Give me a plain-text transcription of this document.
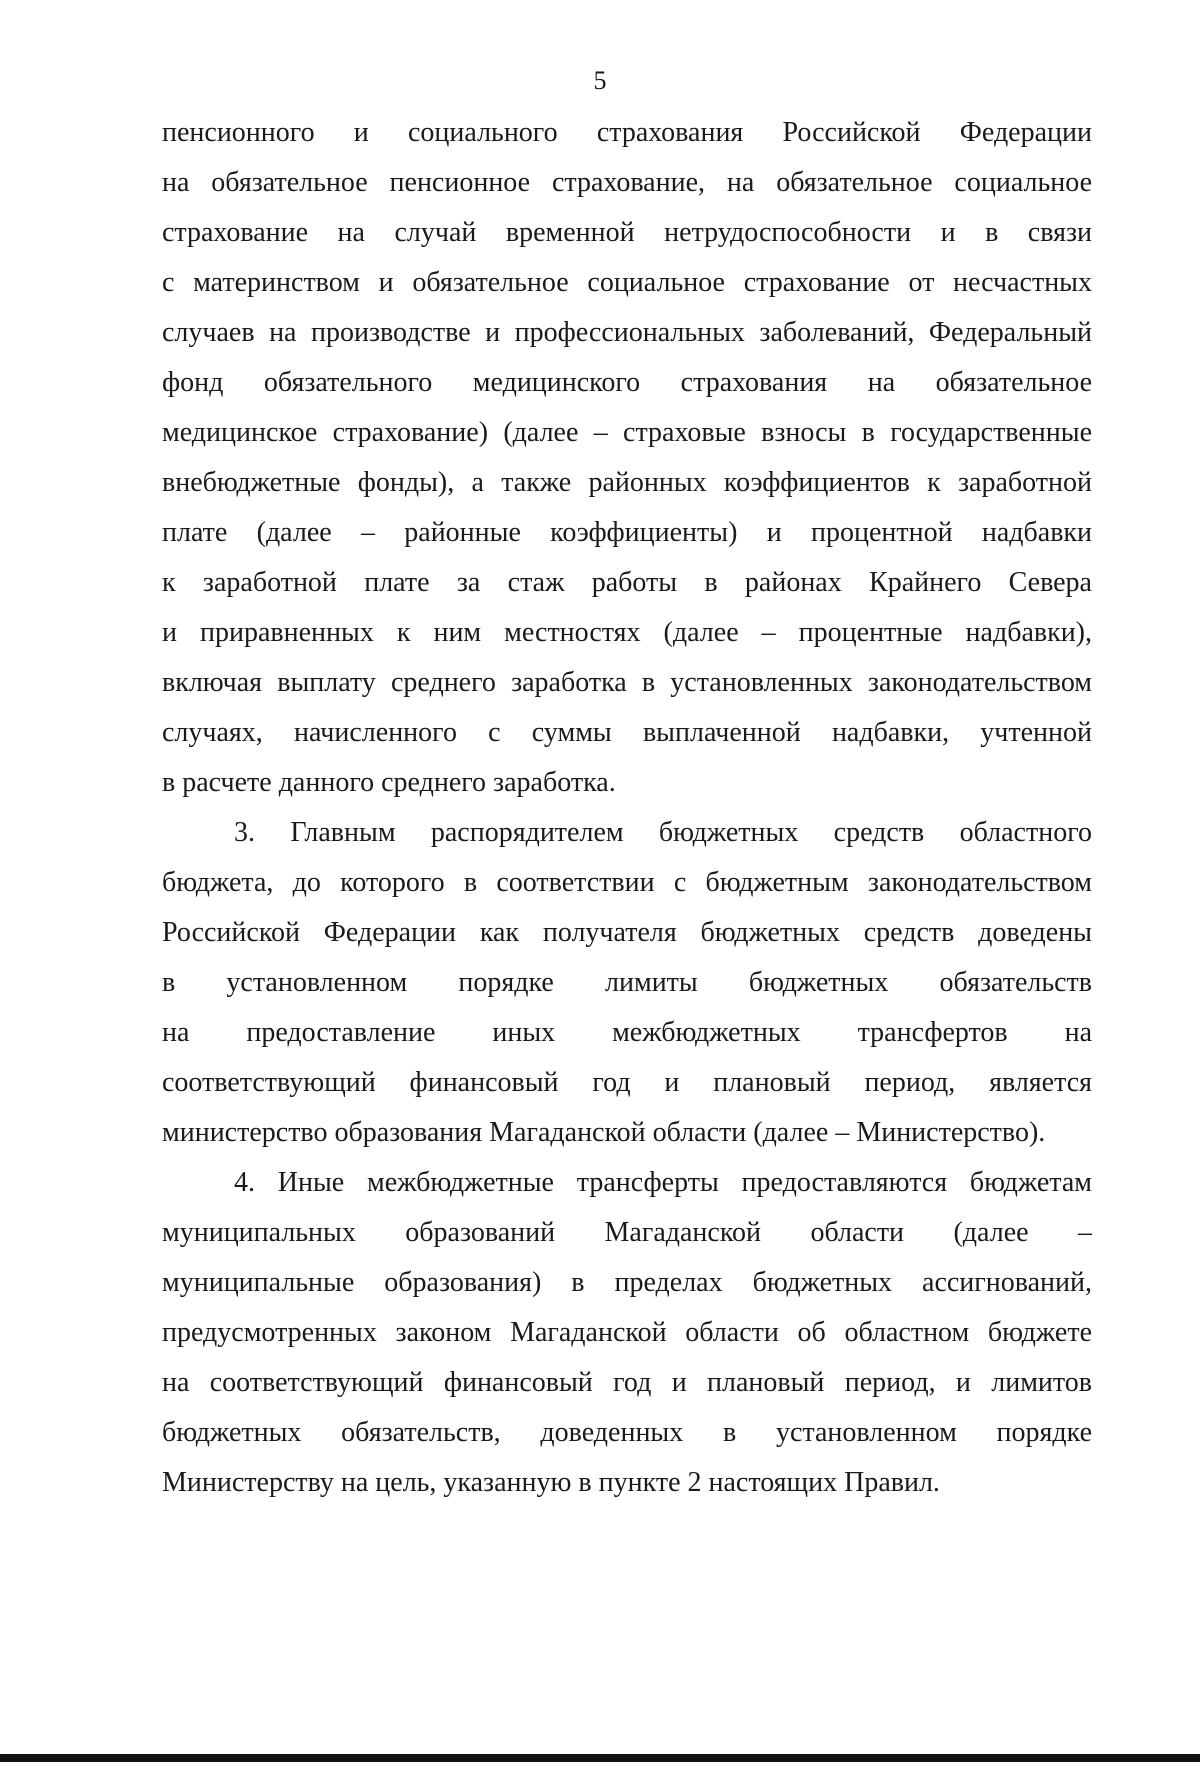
5

пенсионного и социального страхования Российской Федерации
на обязательное пенсионное страхование, на обязательное социальное
страхование на случай временной нетрудоспособности и в связи
с материнством и обязательное социальное страхование от несчастных
случаев на производстве и профессиональных заболеваний, Федеральный
фонд обязательного медицинского страхования на обязательное
медицинское страхование) (далее – страховые взносы в государственные
внебюджетные фонды), а также районных коэффициентов к заработной
плате (далее – районные коэффициенты) и процентной надбавки
к заработной плате за стаж работы в районах Крайнего Севера
и приравненных к ним местностях (далее – процентные надбавки),
включая выплату среднего заработка в установленных законодательством
случаях, начисленного с суммы выплаченной надбавки, учтенной
в расчете данного среднего заработка.

3. Главным распорядителем бюджетных средств областного
бюджета, до которого в соответствии с бюджетным законодательством
Российской Федерации как получателя бюджетных средств доведены
в установленном порядке лимиты бюджетных обязательств
на предоставление иных межбюджетных трансфертов на
соответствующий финансовый год и плановый период, является
министерство образования Магаданской области (далее – Министерство).

4. Иные межбюджетные трансферты предоставляются бюджетам
муниципальных образований Магаданской области (далее –
муниципальные образования) в пределах бюджетных ассигнований,
предусмотренных законом Магаданской области об областном бюджете
на соответствующий финансовый год и плановый период, и лимитов
бюджетных обязательств, доведенных в установленном порядке
Министерству на цель, указанную в пункте 2 настоящих Правил.
